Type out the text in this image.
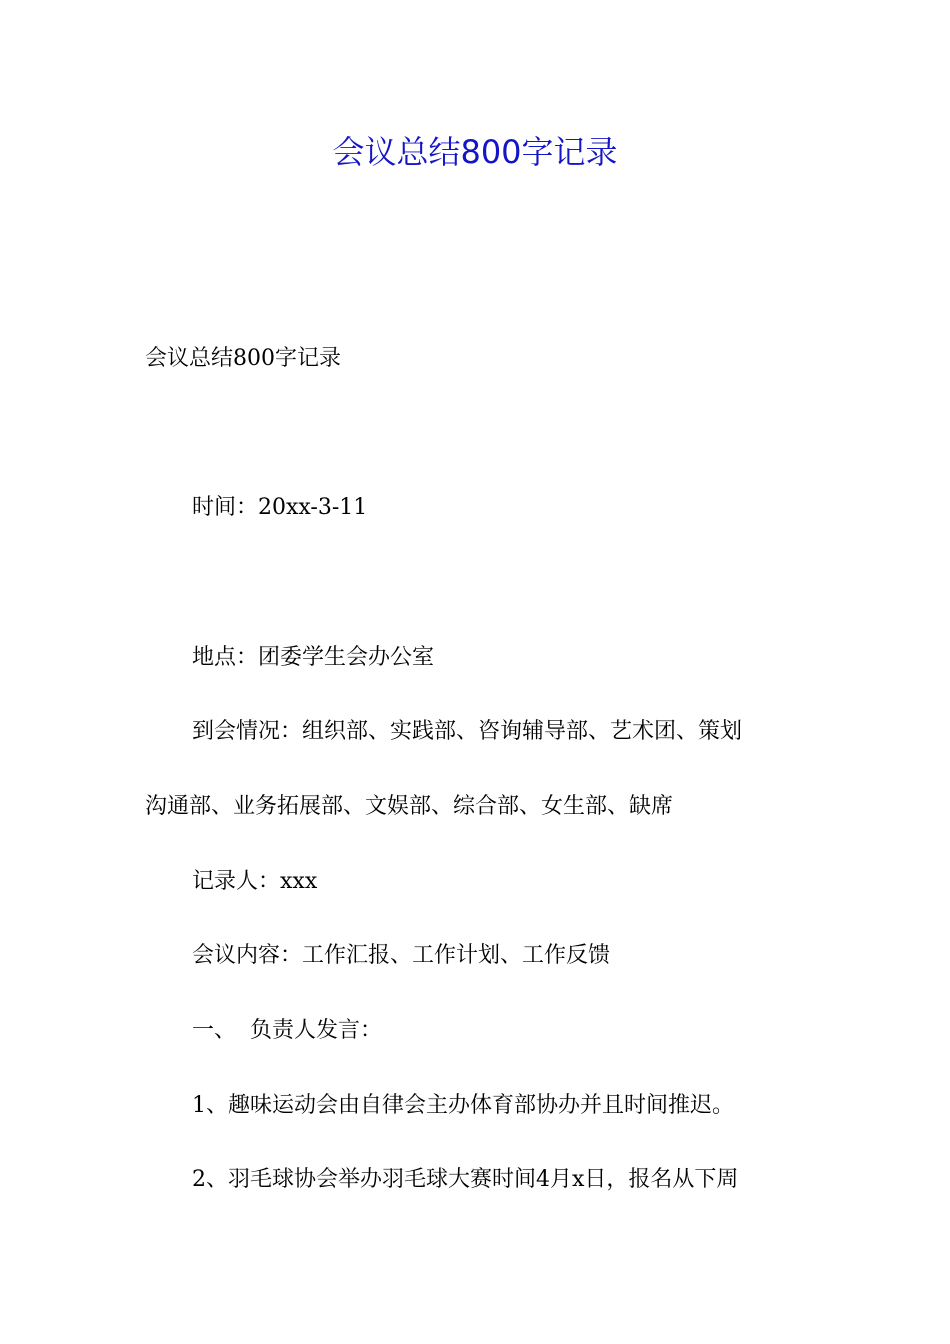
会议总结800字记录

会议总结800字记录

时间：20xx-3-11

地点：团委学生会办公室

到会情况：组织部、实践部、咨询辅导部、艺术团、策划

沟通部、业务拓展部、文娱部、综合部、女生部、缺席

记录人：xxx

会议内容：工作汇报、工作计划、工作反馈

一、  负责人发言：

1、趣味运动会由自律会主办体育部协办并且时间推迟。

2、羽毛球协会举办羽毛球大赛时间4月x日，报名从下周
